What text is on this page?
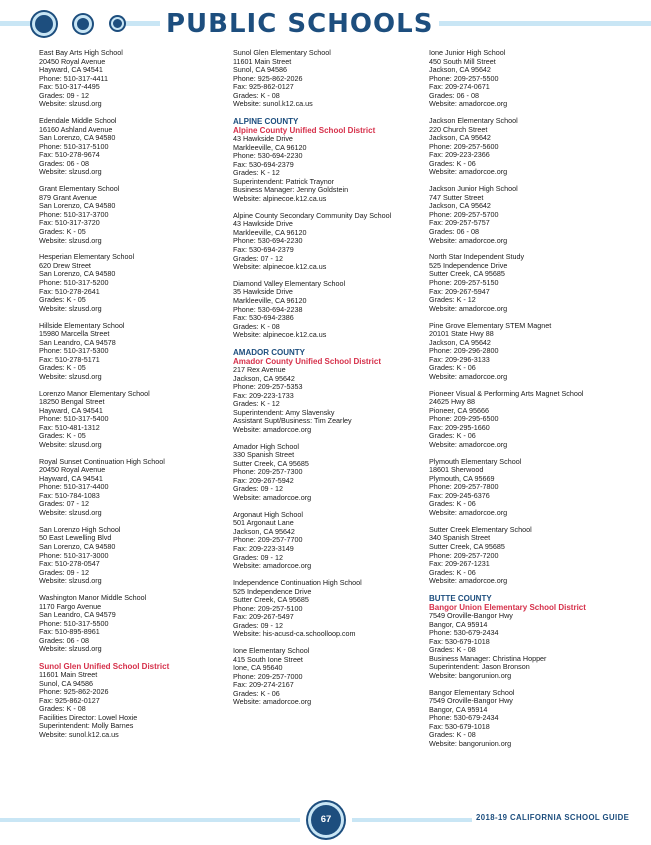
PUBLIC SCHOOLS
East Bay Arts High School
20450 Royal Avenue
Hayward, CA 94541
Phone: 510-317-4411
Fax: 510-317-4495
Grades: 09 - 12
Website: slzusd.org
Edendale Middle School
16160 Ashland Avenue
San Lorenzo, CA 94580
Phone: 510-317-5100
Fax: 510-278-9674
Grades: 06 - 08
Website: slzusd.org
Grant Elementary School
879 Grant Avenue
San Lorenzo, CA 94580
Phone: 510-317-3700
Fax: 510-317-3720
Grades: K - 05
Website: slzusd.org
Hesperian Elementary School
620 Drew Street
San Lorenzo, CA 94580
Phone: 510-317-5200
Fax: 510-278-2641
Grades: K - 05
Website: slzusd.org
Hillside Elementary School
15980 Marcella Street
San Leandro, CA 94578
Phone: 510-317-5300
Fax: 510-278-5171
Grades: K - 05
Website: slzusd.org
Lorenzo Manor Elementary School
18250 Bengal Street
Hayward, CA 94541
Phone: 510-317-5400
Fax: 510-481-1312
Grades: K - 05
Website: slzusd.org
Royal Sunset Continuation High School
20450 Royal Avenue
Hayward, CA 94541
Phone: 510-317-4400
Fax: 510-784-1083
Grades: 07 - 12
Website: slzusd.org
San Lorenzo High School
50 East Lewelling Blvd
San Lorenzo, CA 94580
Phone: 510-317-3000
Fax: 510-278-0547
Grades: 09 - 12
Website: slzusd.org
Washington Manor Middle School
1170 Fargo Avenue
San Leandro, CA 94579
Phone: 510-317-5500
Fax: 510-895-8961
Grades: 06 - 08
Website: slzusd.org
Sunol Glen Unified School District
11601 Main Street
Sunol, CA 94586
Phone: 925-862-2026
Fax: 925-862-0127
Grades: K - 08
Facilities Director: Lowel Hoxie
Superintendent: Molly Barnes
Website: sunol.k12.ca.us
Sunol Glen Elementary School
11601 Main Street
Sunol, CA 94586
Phone: 925-862-2026
Fax: 925-862-0127
Grades: K - 08
Website: sunol.k12.ca.us
ALPINE COUNTY
Alpine County Unified School District
43 Hawkside Drive
Markleeville, CA 96120
Phone: 530-694-2230
Fax: 530-694-2379
Grades: K - 12
Superintendent: Patrick Traynor
Business Manager: Jenny Goldstein
Website: alpinecoe.k12.ca.us
Alpine County Secondary Community Day School
43 Hawkside Drive
Markleeville, CA 96120
Phone: 530-694-2230
Fax: 530-694-2379
Grades: 07 - 12
Website: alpinecoe.k12.ca.us
Diamond Valley Elementary School
35 Hawkside Drive
Markleeville, CA 96120
Phone: 530-694-2238
Fax: 530-694-2386
Grades: K - 08
Website: alpinecoe.k12.ca.us
AMADOR COUNTY
Amador County Unified School District
217 Rex Avenue
Jackson, CA 95642
Phone: 209-257-5353
Fax: 209-223-1733
Grades: K - 12
Superintendent: Amy Slavensky
Assistant Supt/Business: Tim Zearley
Website: amadorcoe.org
Amador High School
330 Spanish Street
Sutter Creek, CA 95685
Phone: 209-257-7300
Fax: 209-267-5942
Grades: 09 - 12
Website: amadorcoe.org
Argonaut High School
501 Argonaut Lane
Jackson, CA 95642
Phone: 209-257-7700
Fax: 209-223-3149
Grades: 09 - 12
Website: amadorcoe.org
Independence Continuation High School
525 Independence Drive
Sutter Creek, CA 95685
Phone: 209-257-5100
Fax: 209-267-5497
Grades: 09 - 12
Website: his-acusd-ca.schoolloop.com
Ione Elementary School
415 South Ione Street
Ione, CA 95640
Phone: 209-257-7000
Fax: 209-274-2167
Grades: K - 06
Website: amadorcoe.org
Ione Junior High School
450 South Mill Street
Jackson, CA 95642
Phone: 209-257-5500
Fax: 209-274-0671
Grades: 06 - 08
Website: amadorcoe.org
Jackson Elementary School
220 Church Street
Jackson, CA 95642
Phone: 209-257-5600
Fax: 209-223-2366
Grades: K - 06
Website: amadorcoe.org
Jackson Junior High School
747 Sutter Street
Jackson, CA 95642
Phone: 209-257-5700
Fax: 209-257-5757
Grades: 06 - 08
Website: amadorcoe.org
North Star Independent Study
525 Independence Drive
Sutter Creek, CA 95685
Phone: 209-257-5150
Fax: 209-267-5947
Grades: K - 12
Website: amadorcoe.org
Pine Grove Elementary STEM Magnet
20101 State Hwy 88
Jackson, CA 95642
Phone: 209-296-2800
Fax: 209-296-3133
Grades: K - 06
Website: amadorcoe.org
Pioneer Visual & Performing Arts Magnet School
24625 Hwy 88
Pioneer, CA 95666
Phone: 209-295-6500
Fax: 209-295-1660
Grades: K - 06
Website: amadorcoe.org
Plymouth Elementary School
18601 Sherwood
Plymouth, CA 95669
Phone: 209-257-7800
Fax: 209-245-6376
Grades: K - 06
Website: amadorcoe.org
Sutter Creek Elementary School
340 Spanish Street
Sutter Creek, CA 95685
Phone: 209-257-7200
Fax: 209-267-1231
Grades: K - 06
Website: amadorcoe.org
BUTTE COUNTY
Bangor Union Elementary School District
7549 Oroville-Bangor Hwy
Bangor, CA 95914
Phone: 530-679-2434
Fax: 530-679-1018
Grades: K - 08
Business Manager: Christina Hopper
Superintendent: Jason Bronson
Website: bangorunion.org
Bangor Elementary School
7549 Oroville-Bangor Hwy
Bangor, CA 95914
Phone: 530-679-2434
Fax: 530-679-1018
Grades: K - 08
Website: bangorunion.org
67	2018-19 CALIFORNIA SCHOOL GUIDE
